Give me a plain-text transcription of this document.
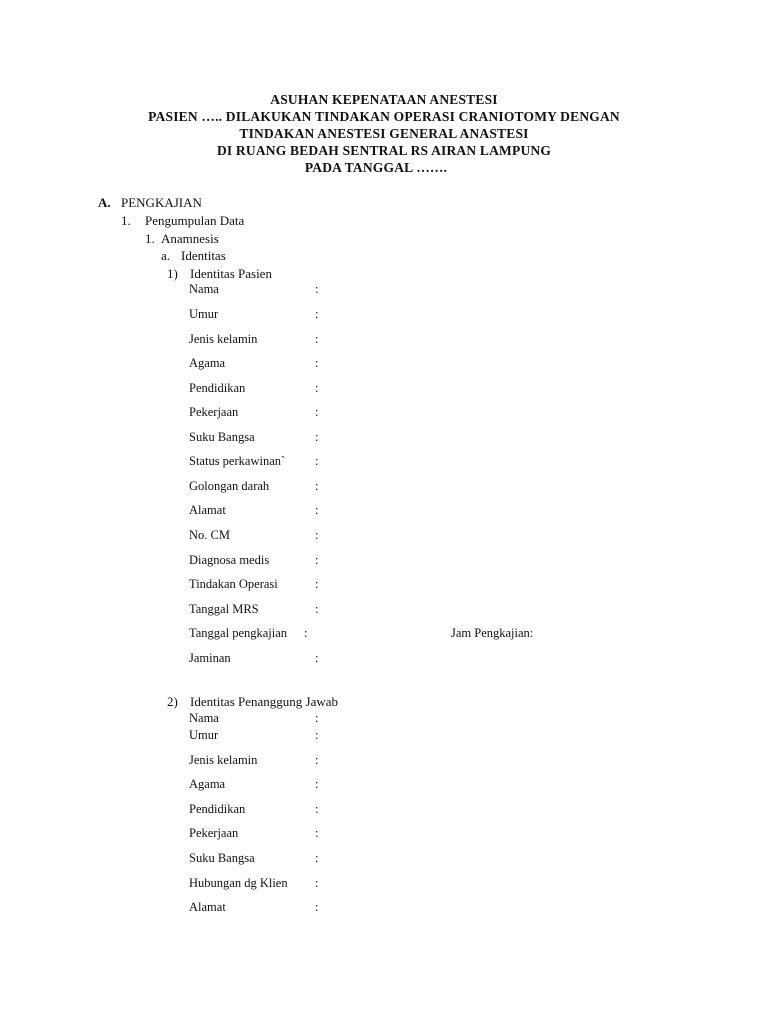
ASUHAN KEPENATAAN ANESTESI
PASIEN ….. DILAKUKAN TINDAKAN OPERASI CRANIOTOMY DENGAN
TINDAKAN ANESTESI GENERAL ANASTESI
DI RUANG BEDAH SENTRAL RS AIRAN LAMPUNG
PADA TANGGAL …….
A. PENGKAJIAN
1. Pengumpulan Data
1. Anamnesis
a. Identitas
1) Identitas Pasien
Nama	:
Umur	:
Jenis kelamin	:
Agama	:
Pendidikan	:
Pekerjaan	:
Suku Bangsa	:
Status perkawinan` :
Golongan darah	:
Alamat	:
No. CM	:
Diagnosa medis	:
Tindakan Operasi	:
Tanggal MRS	:
Tanggal pengkajian :	Jam Pengkajian:
Jaminan	:
2) Identitas Penanggung Jawab
Nama	:
Umur	:
Jenis kelamin	:
Agama	:
Pendidikan	:
Pekerjaan	:
Suku Bangsa	:
Hubungan dg Klien :
Alamat	:
